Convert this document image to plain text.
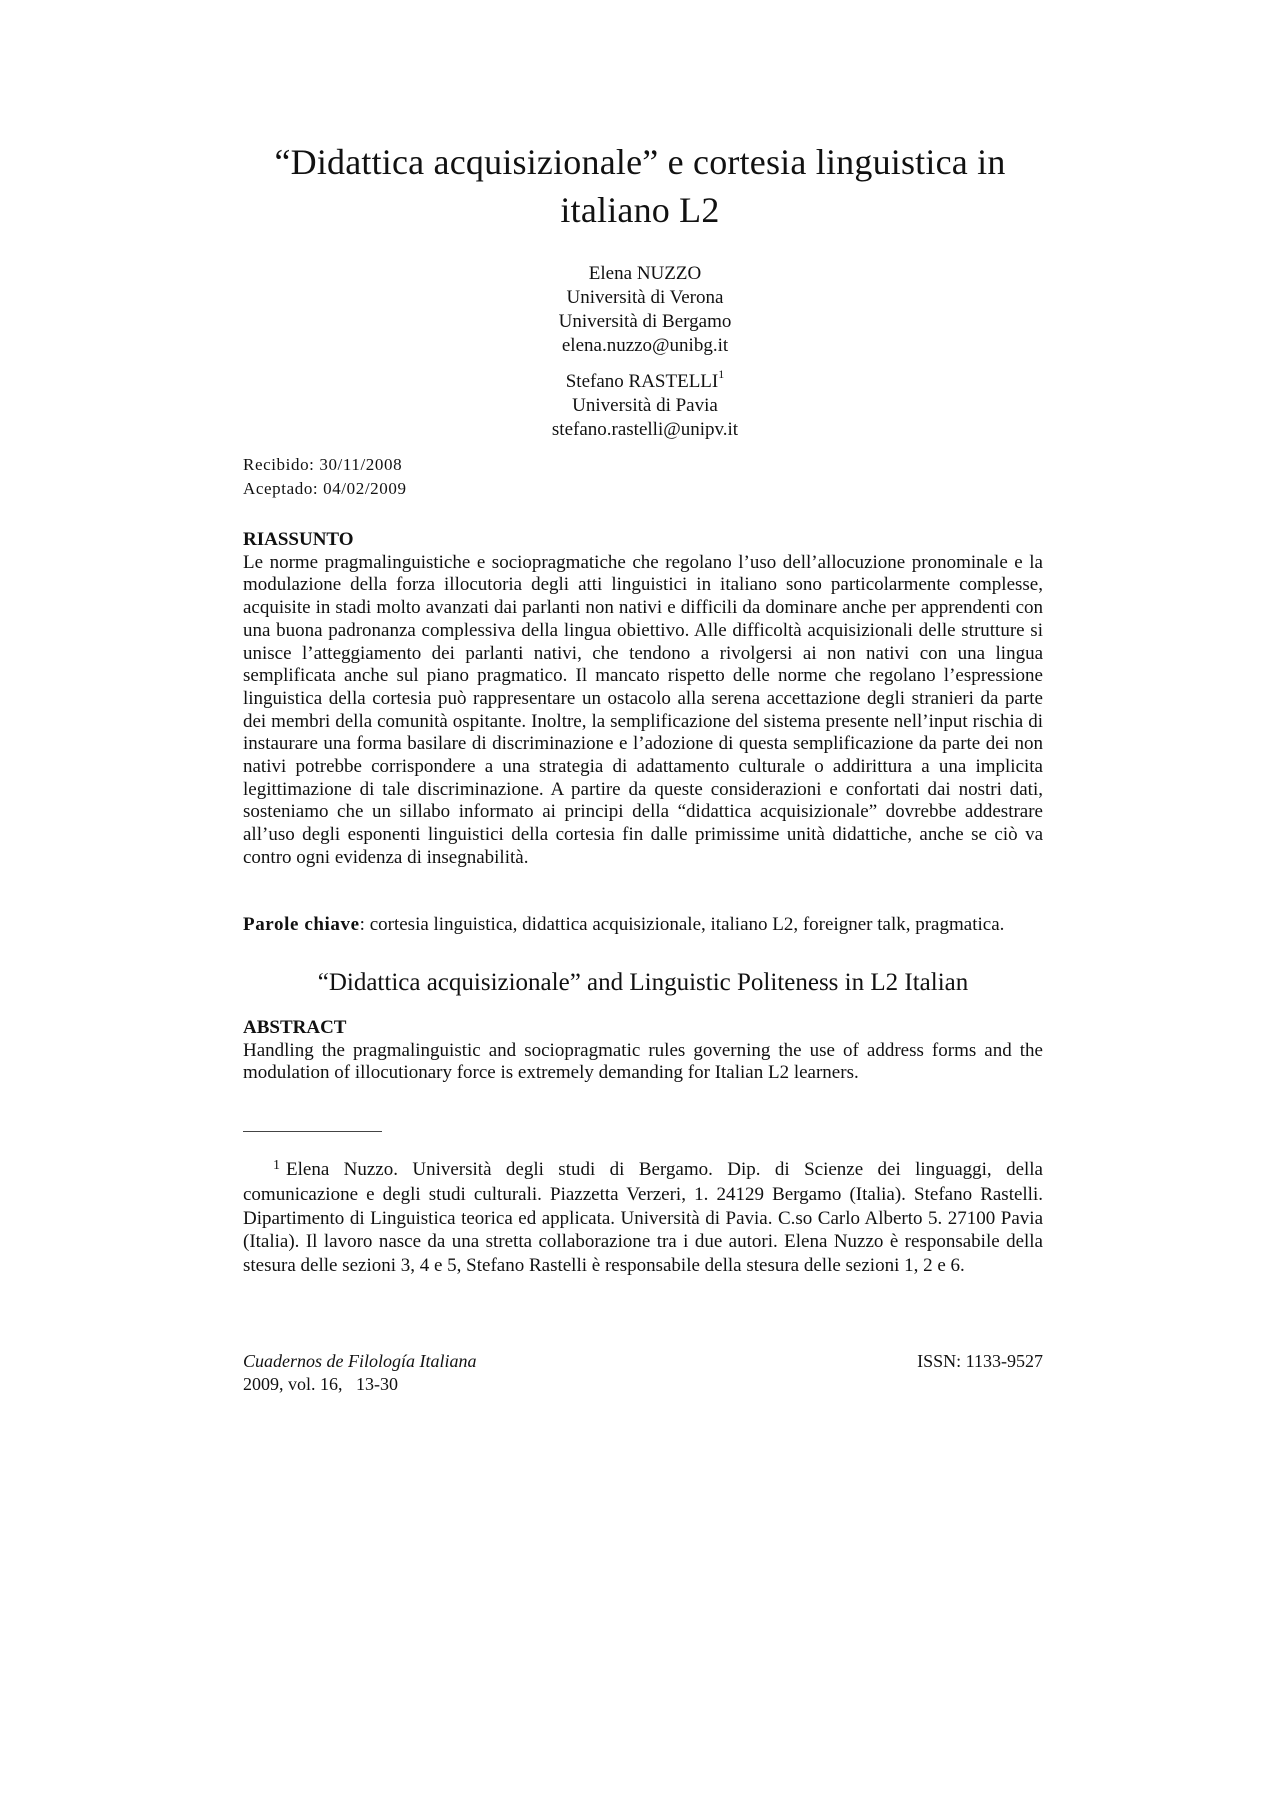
“Didattica acquisizionale” e cortesia linguistica in italiano L2
Elena NUZZO
Università di Verona
Università di Bergamo
elena.nuzzo@unibg.it
Stefano RASTELLI$^1$
Università di Pavia
stefano.rastelli@unipv.it
Recibido: 30/11/2008
Aceptado: 04/02/2009
RIASSUNTO
Le norme pragmalinguistiche e sociopragmatiche che regolano l’uso dell’allocuzione pronominale e la modulazione della forza illocutoria degli atti linguistici in italiano sono particolarmente complesse, acquisite in stadi molto avanzati dai parlanti non nativi e difficili da dominare anche per apprendenti con una buona padronanza complessiva della lingua obiettivo. Alle difficoltà acquisizionali delle strutture si unisce l’atteggiamento dei parlanti nativi, che tendono a rivolgersi ai non nativi con una lingua semplificata anche sul piano pragmatico. Il mancato rispetto delle norme che regolano l’espressione linguistica della cortesia può rappresentare un ostacolo alla serena accettazione degli stranieri da parte dei membri della comunità ospitante. Inoltre, la semplificazione del sistema presente nell’input rischia di instaurare una forma basilare di discriminazione e l’adozione di questa semplificazione da parte dei non nativi potrebbe corrispondere a una strategia di adattamento culturale o addirittura a una implicita legittimazione di tale discriminazione. A partire da queste considerazioni e confortati dai nostri dati, sosteniamo che un sillabo informato ai principi della “didattica acquisizionale” dovrebbe addestrare all’uso degli esponenti linguistici della cortesia fin dalle primissime unità didattiche, anche se ciò va contro ogni evidenza di insegnabilità.
Parole chiave: cortesia linguistica, didattica acquisizionale, italiano L2, foreigner talk, pragmatica.
“Didattica acquisizionale” and Linguistic Politeness in L2 Italian
ABSTRACT
Handling the pragmalinguistic and sociopragmatic rules governing the use of address forms and the modulation of illocutionary force is extremely demanding for Italian L2 learners.
$^1$ Elena Nuzzo. Università degli studi di Bergamo. Dip. di Scienze dei linguaggi, della comunicazione e degli studi culturali. Piazzetta Verzeri, 1. 24129 Bergamo (Italia). Stefano Rastelli. Dipartimento di Linguistica teorica ed applicata. Università di Pavia. C.so Carlo Alberto 5. 27100 Pavia (Italia). Il lavoro nasce da una stretta collaborazione tra i due autori. Elena Nuzzo è responsabile della stesura delle sezioni 3, 4 e 5, Stefano Rastelli è responsabile della stesura delle sezioni 1, 2 e 6.
Cuadernos de Filología Italiana
2009, vol. 16,   13-30
ISSN: 1133-9527
